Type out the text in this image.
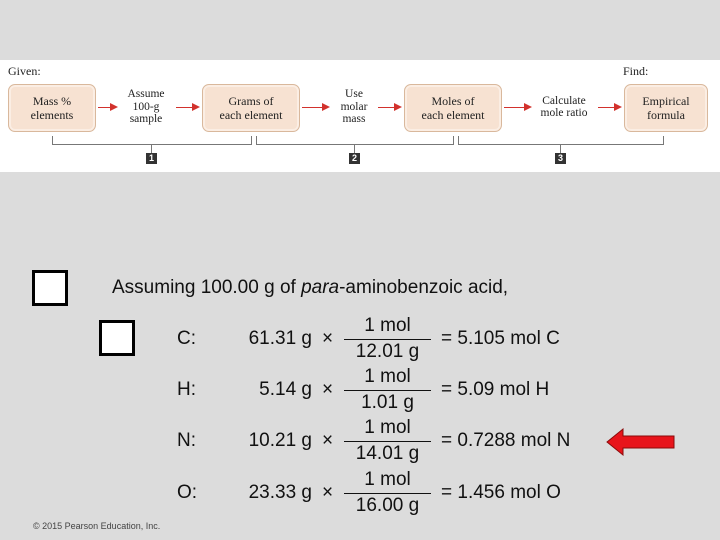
Given:	Find:
Mass %
elements
Grams of
each element
Moles of
each element
Empirical
formula
Assume
100-g
sample
Use
molar
mass
Calculate
mole ratio
1	2	3
Assuming 100.00 g of para-aminobenzoic acid,
C:	61.31 g ×
1 mol
12.01 g
= 5.105 mol C
H:	5.14 g ×
1 mol
1.01 g
= 5.09 mol H
N:	10.21 g ×
1 mol
14.01 g
= 0.7288 mol N
O:	23.33 g ×
1 mol
16.00 g
= 1.456 mol O
© 2015 Pearson Education, Inc.
